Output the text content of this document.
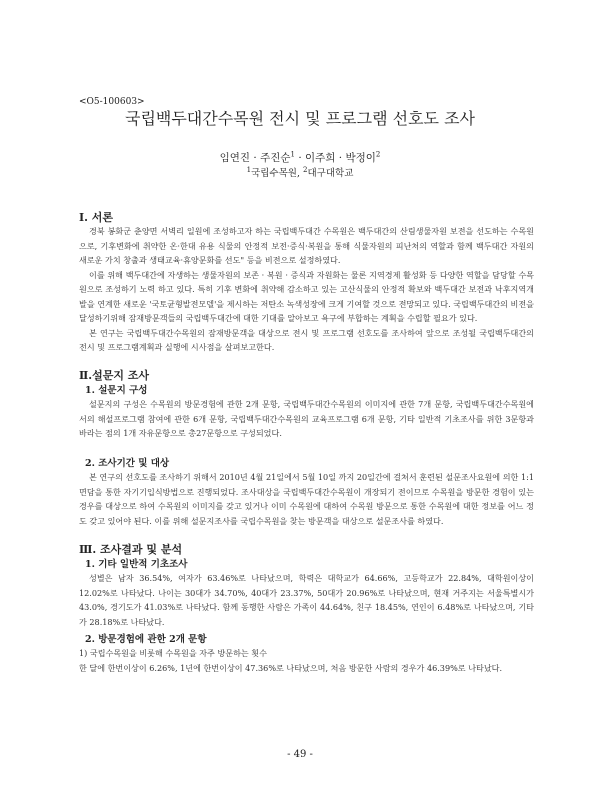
<O5-100603>
국립백두대간수목원 전시 및 프로그램 선호도 조사
임연진 · 주진순$^1$ · 이주희 · 박정이$^2$
$^1$국립수목원, $^2$대구대학교
Ⅰ. 서론

경북 봉화군 춘양면 서벽리 일원에 조성하고자 하는 국립백두대간 수목원은 백두대간의 산림생물자원 보전을 선도하는 수목원으로, 기후변화에 취약한 온·한대 유용 식물의 안정적 보전·증식·복원을 통해 식물자원의 피난처의 역할과 함께 백두대간 자원의 새로운 가치 창출과 생태교육·휴양문화를 선도" 등을 비전으로 설정하였다.

이를 위해 백두대간에 자생하는 생물자원의 보존 · 복원 · 증식과 자원화는 물론 지역경제 활성화 등 다양한 역할을 담당할 수목원으로 조성하기 노력 하고 있다. 특히 기후 변화에 취약해 감소하고 있는 고산식물의 안정적 확보와 백두대간 보전과 낙후지역개발을 연계한 새로운 '국토균형발전모델'을 제시하는 저탄소 녹색성장에 크게 기여할 것으로 전망되고 있다. 국립백두대간의 비전을 달성하기위해 잠재방문객들의 국립백두대간에 대한 기대를 알아보고 욕구에 부합하는 계획을 수립할 필요가 있다.

본 연구는 국립백두대간수목원의 잠재방문객을 대상으로 전시 및 프로그램 선호도를 조사하여 앞으로 조성될 국립백두대간의 전시 및 프로그램계획과 실행에 시사점을 살펴보고한다.

Ⅱ.설문지 조사
1. 설문지 구성

설문지의 구성은 수목원의 방문경험에 관한 2개 문항, 국립백두대간수목원의 이미지에 관한 7개 문항, 국립백두대간수목원에 서의 해설프로그램 참여에 관한 6개 문항, 국립백두대간수목원의 교육프로그램 6개 문항, 기타 일반적 기초조사를 위한 3문항과 바라는 점의 1개 자유문항으로 총27문항으로 구성되었다.

2. 조사기간 및 대상

본 연구의 선호도를 조사하기 위해서 2010년 4월 21일에서 5월 10일 까지 20일간에 걸쳐서 훈련된 설문조사요원에 의한 1:1 면담을 통한 자기기입식방법으로 진행되었다. 조사대상을 국립백두대간수목원이 개장되기 전이므로 수목원을 방문한 경험이 있는 경우를 대상으로 하여 수목원의 이미지를 갖고 있거나 이미 수목원에 대하여 수목원 방문으로 통한 수목원에 대한 정보를 어느 정도 갖고 있어야 된다. 이를 위해 설문지조사를 국립수목원을 찾는 방문객을 대상으로 설문조사를 하였다.

Ⅲ. 조사결과 및 분석
1. 기타 일반적 기초조사

성별은 남자 36.54%, 여자가 63.46%로 나타났으며, 학력은 대학교가 64.66%, 고등학교가 22.84%, 대학원이상이 12.02%로 나타났다. 나이는 30대가 34.70%, 40대가 23.37%, 50대가 20.96%로 나타났으며, 현재 거주지는 서울특별시가 43.0%, 경기도가 41.03%로 나타났다. 함께 동행한 사람은 가족이 44.64%, 친구 18.45%, 연인이 6.48%로 나타났으며, 기타가 28.18%로 나타났다.

2. 방문경험에 관한 2개 문항
1) 국립수목원을 비롯해 수목원을 자주 방문하는 횟수
한 달에 한번이상이 6.26%, 1년에 한번이상이 47.36%로 나타났으며, 처음 방문한 사람의 경우가 46.39%로 나타났다.
- 49 -
